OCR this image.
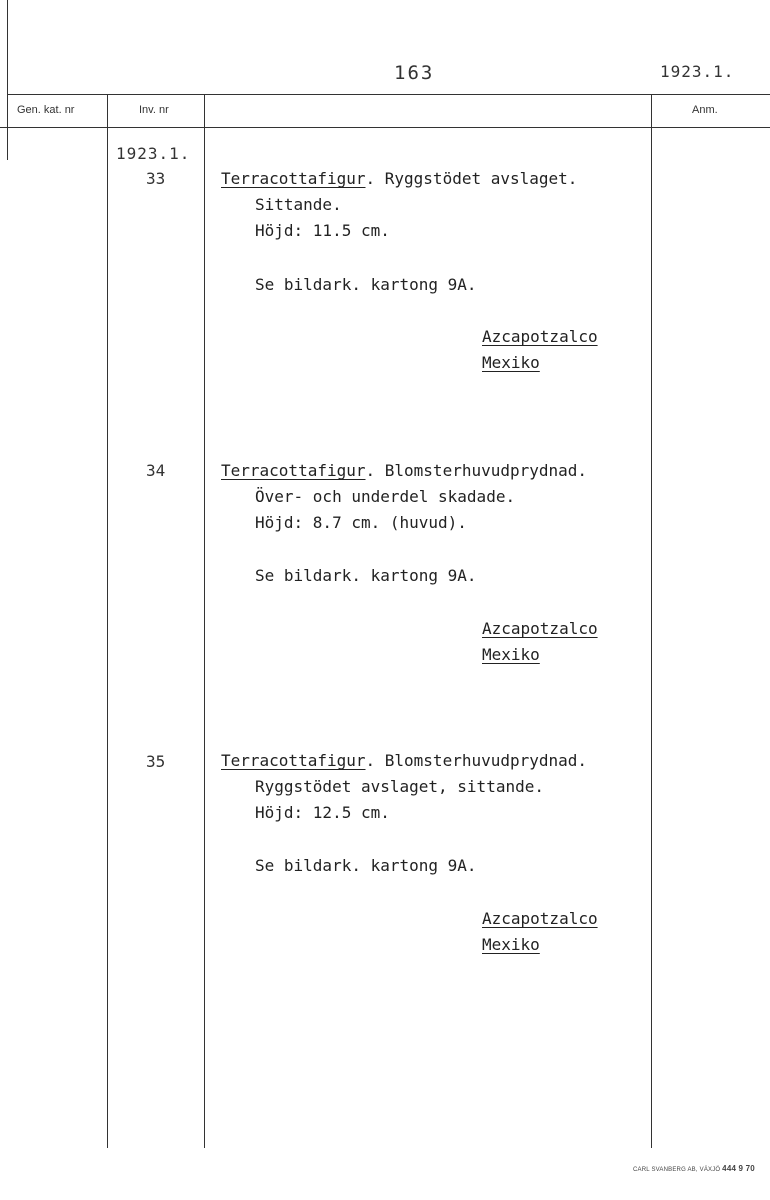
163	1923.1.
Gen. kat. nr	Inv. nr	Anm.
1923.1.
33	Terracottafigur. Ryggstödet avslaget.
Sittande.
Höjd: 11.5 cm.
Se bildark. kartong 9A.
Azcapotzalco
Mexiko
34	Terracottafigur. Blomsterhuvudprydnad.
Över- och underdel skadade.
Höjd: 8.7 cm. (huvud).
Se bildark. kartong 9A.
Azcapotzalco
Mexiko
35	Terracottafigur. Blomsterhuvudprydnad.
Ryggstödet avslaget, sittande.
Höjd: 12.5 cm.
Se bildark. kartong 9A.
Azcapotzalco
Mexiko
CARL SVANBERG AB, VÄXJÖ 444 9 70
